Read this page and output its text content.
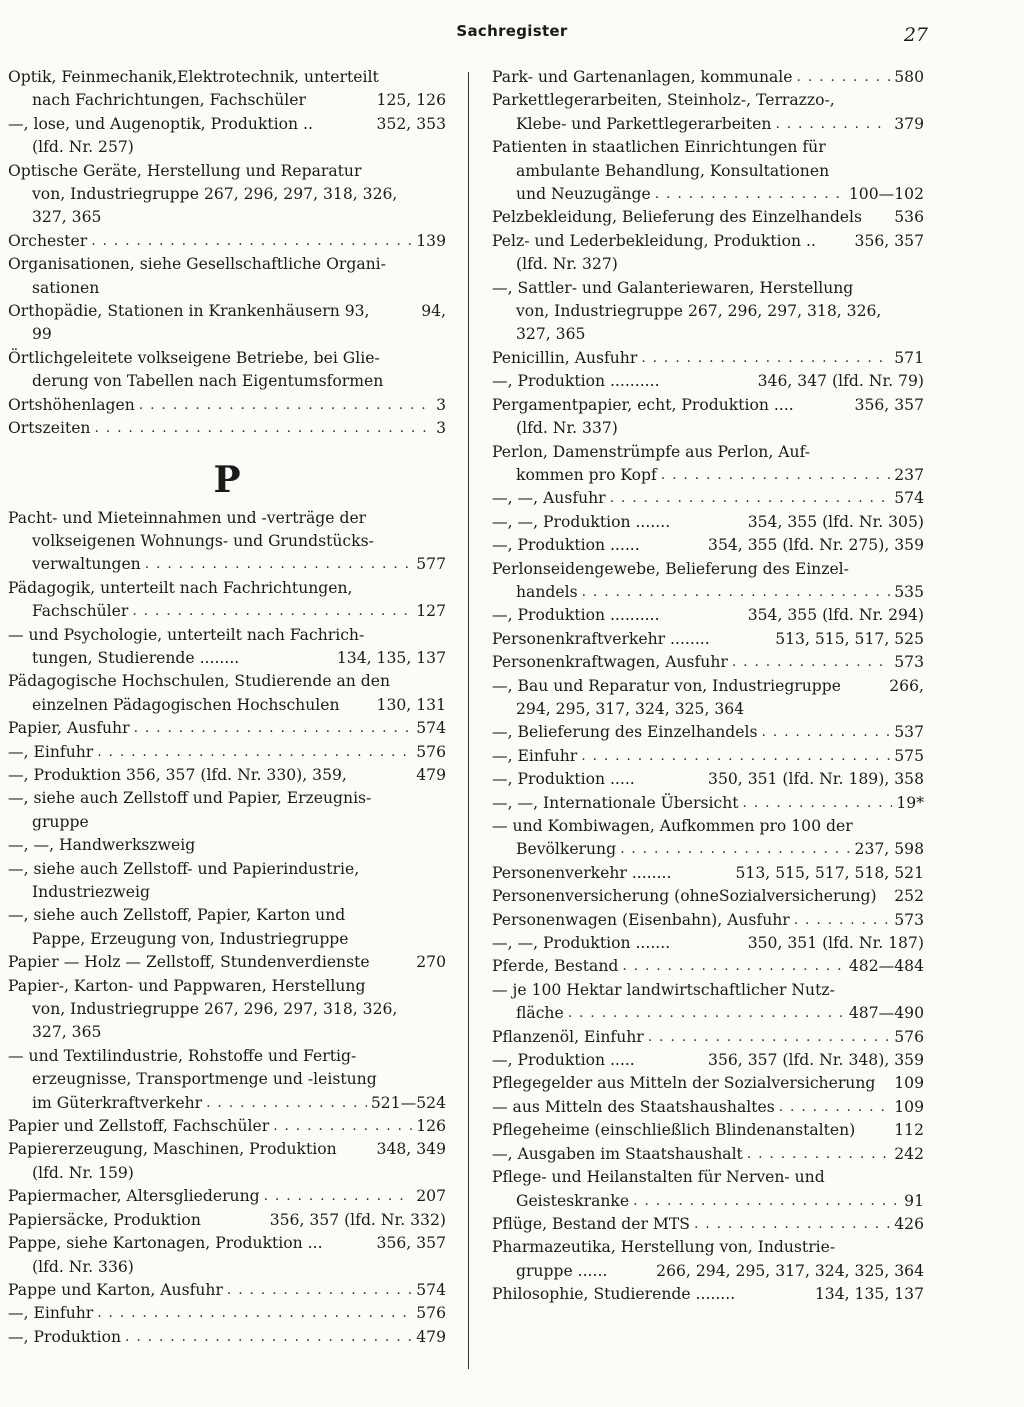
Sachregister	27
Optik, Feinmechanik,Elektrotechnik, unterteilt
nach Fachrichtungen, Fachschüler	125, 126
—, lose, und Augenoptik, Produktion ..	352, 353
(lfd. Nr. 257)
Optische Geräte, Herstellung und Reparatur
von, Industriegruppe 267, 296, 297, 318, 326,
327, 365
Orchester . . .	139
Organisationen, siehe Gesellschaftliche Organi-
sationen
Orthopädie, Stationen in Krankenhäusern 93,	94,
99
Örtlichgeleitete volkseigene Betriebe, bei Glie-
derung von Tabellen nach Eigentumsformen
Ortshöhenlagen . . .	3
Ortszeiten . . .	3
P
Pacht- und Mieteinnahmen und -verträge der
volkseigenen Wohnungs- und Grundstücks-
verwaltungen . . .	577
Pädagogik, unterteilt nach Fachrichtungen,
Fachschüler . . .	127
— und Psychologie, unterteilt nach Fachrich-
tungen, Studierende ........	134, 135, 137
Pädagogische Hochschulen, Studierende an den
einzelnen Pädagogischen Hochschulen 130, 131
Papier, Ausfuhr . . .	574
—, Einfuhr . . .	576
—, Produktion 356, 357 (lfd. Nr. 330), 359,	479
—, siehe auch Zellstoff und Papier, Erzeugnis-
gruppe
—, —, Handwerkszweig
—, siehe auch Zellstoff- und Papierindustrie,
Industriezweig
—, siehe auch Zellstoff, Papier, Karton und
Pappe, Erzeugung von, Industriegruppe
Papier — Holz — Zellstoff, Stundenverdienste	270
Papier-, Karton- und Pappwaren, Herstellung
von, Industriegruppe 267, 296, 297, 318, 326,
327, 365
— und Textilindustrie, Rohstoffe und Fertig-
erzeugnisse, Transportmenge und -leistung
im Güterkraftverkehr . . .	521—524
Papier und Zellstoff, Fachschüler . . .	126
Papiererzeugung, Maschinen, Produktion	348, 349
(lfd. Nr. 159)
Papiermacher, Altersgliederung . . .	207
Papiersäcke, Produktion	356, 357 (lfd. Nr. 332)
Pappe, siehe Kartonagen, Produktion ...	356, 357
(lfd. Nr. 336)
Pappe und Karton, Ausfuhr . . .	574
—, Einfuhr . . .	576
—, Produktion . . .	479
Park- und Gartenanlagen, kommunale . . .	580
Parkettlegerarbeiten, Steinholz-, Terrazzo-,
Klebe- und Parkettlegerarbeiten . . .	379
Patienten in staatlichen Einrichtungen für
ambulante Behandlung, Konsultationen
und Neuzugänge . . .	100—102
Pelzbekleidung, Belieferung des Einzelhandels 536
Pelz- und Lederbekleidung, Produktion .. 356, 357
(lfd. Nr. 327)
—, Sattler- und Galanteriewaren, Herstellung
von, Industriegruppe 267, 296, 297, 318, 326,
327, 365
Penicillin, Ausfuhr . . .	571
—, Produktion ..........	346, 347 (lfd. Nr. 79)
Pergamentpapier, echt, Produktion ....	356, 357
(lfd. Nr. 337)
Perlon, Damenstrümpfe aus Perlon, Auf-
kommen pro Kopf . . .	237
—, —, Ausfuhr . . .	574
—, —, Produktion .......	354, 355 (lfd. Nr. 305)
—, Produktion ......	354, 355 (lfd. Nr. 275), 359
Perlonseidengewebe, Belieferung des Einzel-
handels . . .	535
—, Produktion ..........	354, 355 (lfd. Nr. 294)
Personenkraftverkehr ........	513, 515, 517, 525
Personenkraftwagen, Ausfuhr . . .	573
—, Bau und Reparatur von, Industriegruppe	266,
294, 295, 317, 324, 325, 364
—, Belieferung des Einzelhandels . . .	537
—, Einfuhr . . .	575
—, Produktion .....	350, 351 (lfd. Nr. 189), 358
—, —, Internationale Übersicht . . .	19*
— und Kombiwagen, Aufkommen pro 100 der
Bevölkerung . . .	237, 598
Personenverkehr ........	513, 515, 517, 518, 521
Personenversicherung (ohneSozialversicherung) 252
Personenwagen (Eisenbahn), Ausfuhr . . .	573
—, —, Produktion .......	350, 351 (lfd. Nr. 187)
Pferde, Bestand . . .	482—484
— je 100 Hektar landwirtschaftlicher Nutz-
fläche . . .	487—490
Pflanzenöl, Einfuhr . . .	576
—, Produktion .....	356, 357 (lfd. Nr. 348), 359
Pflegegelder aus Mitteln der Sozialversicherung 109
— aus Mitteln des Staatshaushaltes . . .	109
Pflegeheime (einschließlich Blindenanstalten) 112
—, Ausgaben im Staatshaushalt . . .	242
Pflege- und Heilanstalten für Nerven- und
Geisteskranke . . .	91
Pflüge, Bestand der MTS . . .	426
Pharmazeutika, Herstellung von, Industrie-
gruppe ......	266, 294, 295, 317, 324, 325, 364
Philosophie, Studierende ........	134, 135, 137
